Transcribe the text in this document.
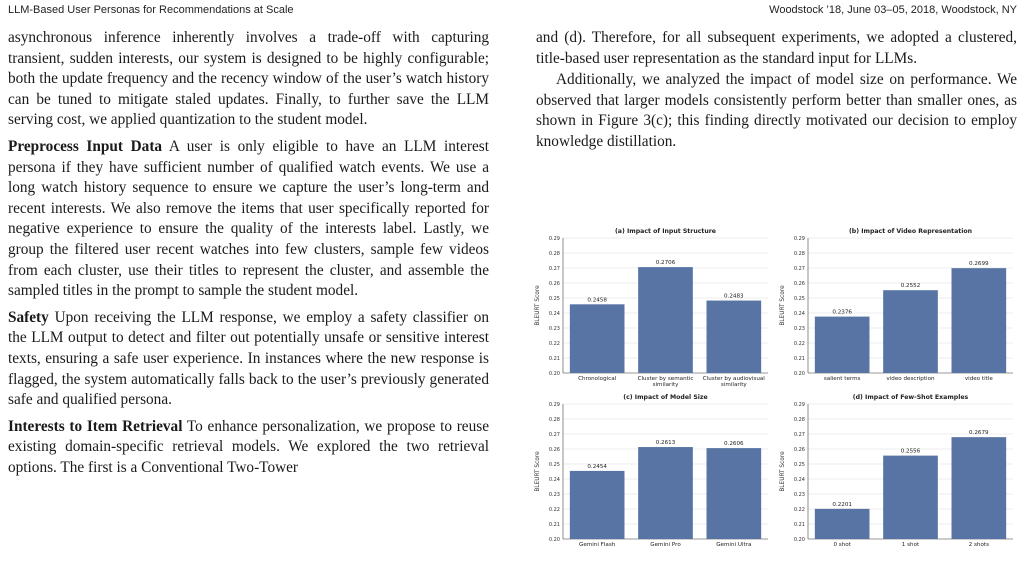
LLM-Based User Personas for Recommendations at Scale	Woodstock ’18, June 03–05, 2018, Woodstock, NY

asynchronous inference inherently involves a trade-off with capturing transient, sudden interests, our system is designed to be highly configurable; both the update frequency and the recency window of the user’s watch history can be tuned to mitigate staled updates. Finally, to further save the LLM serving cost, we applied quantization to the student model.

Preprocess Input Data A user is only eligible to have an LLM interest persona if they have sufficient number of qualified watch events. We use a long watch history sequence to ensure we capture the user’s long-term and recent interests. We also remove the items that user specifically reported for negative experience to ensure the quality of the interests label. Lastly, we group the filtered user recent watches into few clusters, sample few videos from each cluster, use their titles to represent the cluster, and assemble the sampled titles in the prompt to sample the student model.

Safety Upon receiving the LLM response, we employ a safety classifier on the LLM output to detect and filter out potentially unsafe or sensitive interest texts, ensuring a safe user experience. In instances where the new response is flagged, the system automatically falls back to the user’s previously generated safe and qualified persona.

Interests to Item Retrieval To enhance personalization, we propose to reuse existing domain-specific retrieval models. We explored the two retrieval options. The first is a Conventional Two-Tower

and (d). Therefore, for all subsequent experiments, we adopted a clustered, title-based user representation as the standard input for LLMs.

Additionally, we analyzed the impact of model size on performance. We observed that larger models consistently perform better than smaller ones, as shown in Figure 3(c); this finding directly motivated our decision to employ knowledge distillation.

(a) Impact of Input Structure
0.20
0.21
0.22
0.23
0.24
0.25
0.26
0.27
0.28
0.29
BLEURT Score	0.2458
Chronological
0.2706
Cluster by semantic
similarity
0.2483
Cluster by audiovisual
similarity
(b) Impact of Video Representation
0.20
0.21
0.22
0.23
0.24
0.25
0.26
0.27
0.28
0.29
BLEURT Score	0.2376
salient terms
0.2552
video description
0.2699
video title
(c) Impact of Model Size
0.20
0.21
0.22
0.23
0.24
0.25
0.26
0.27
0.28
0.29
BLEURT Score	0.2454
Gemini Flash
0.2613
Gemini Pro
0.2606
Gemini Ultra
(d) Impact of Few-Shot Examples
0.20
0.21
0.22
0.23
0.24
0.25
0.26
0.27
0.28
0.29
BLEURT Score
0.2201
0 shot
0.2556
1 shot
0.2679
2 shots
